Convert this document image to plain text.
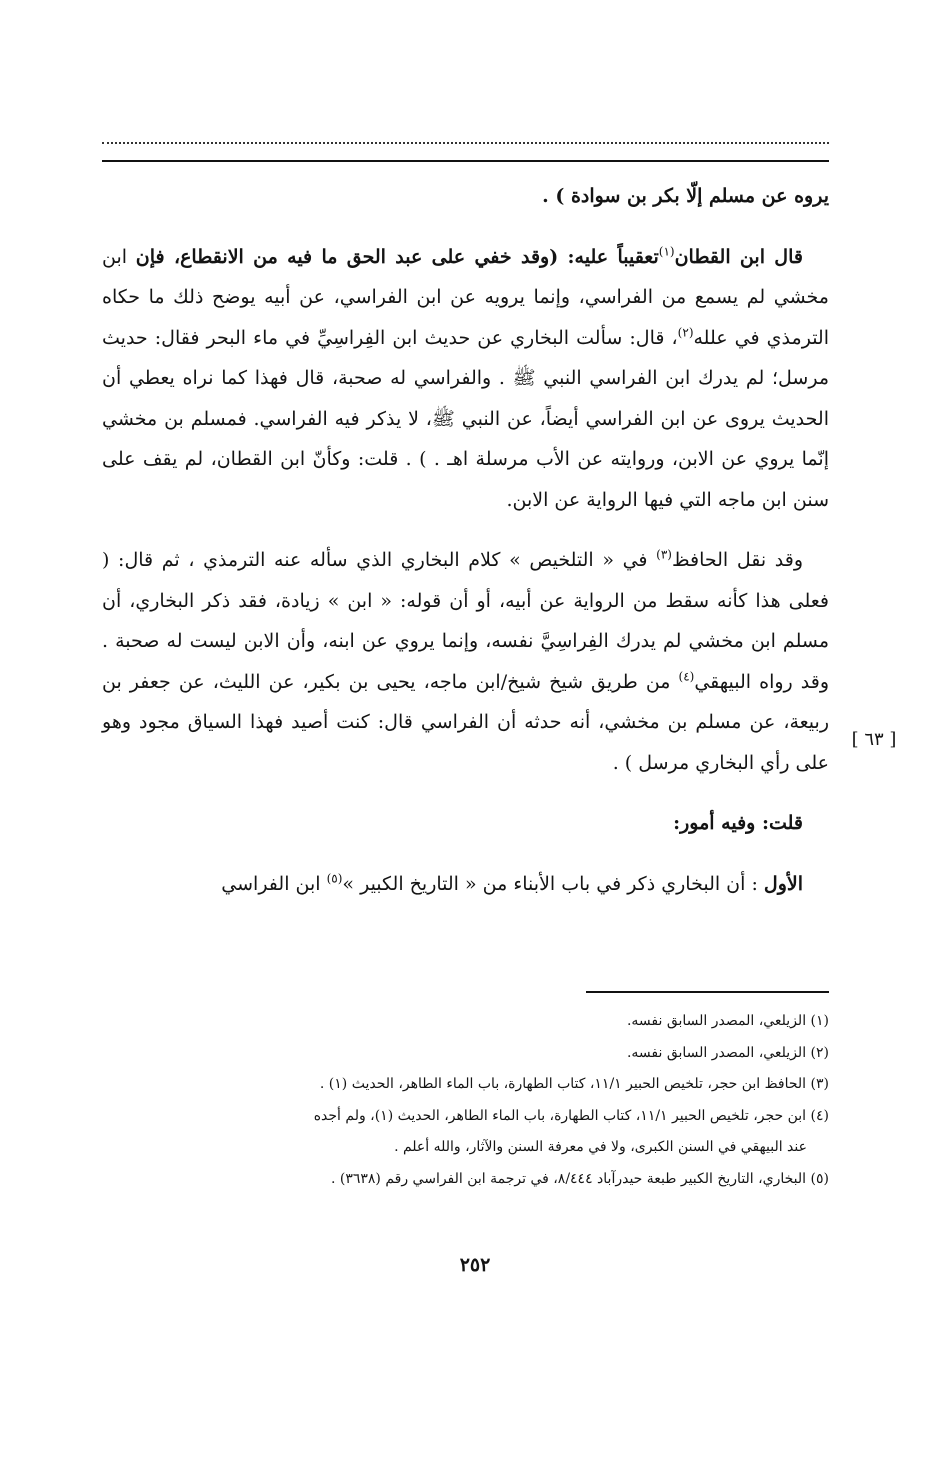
[ ٦٣ ]

يروه عن مسلم إلّا بكر بن سوادة ) .

قال ابن القطان$^{(١)}$تعقيباً عليه: (وقد خفي على عبد الحق ما فيه من الانقطاع، فإن ابن مخشي لم يسمع من الفراسي، وإنما يرويه عن ابن الفراسي، عن أبيه يوضح ذلك ما حكاه الترمذي في علله$^{(٢)}$، قال: سألت البخاري عن حديث ابن الفِراسِيِّ في ماء البحر فقال: حديث مرسل؛ لم يدرك ابن الفراسي النبي ﷺ . والفراسي له صحبة، قال فهذا كما نراه يعطي أن الحديث يروى عن ابن الفراسي أيضاً، عن النبي ﷺ، لا يذكر فيه الفراسي. فمسلم بن مخشي إنّما يروي عن الابن، وروايته عن الأب مرسلة اهـ . ) . قلت: وكأنّ ابن القطان، لم يقف على سنن ابن ماجه التي فيها الرواية عن الابن.

وقد نقل الحافظ$^{(٣)}$ في « التلخيص » كلام البخاري الذي سأله عنه الترمذي ، ثم قال: ( فعلى هذا كأنه سقط من الرواية عن أبيه، أو أن قوله: « ابن » زيادة، فقد ذكر البخاري، أن مسلم ابن مخشي لم يدرك الفِراسِيَّ نفسه، وإنما يروي عن ابنه، وأن الابن ليست له صحبة . وقد رواه البيهقي$^{(٤)}$ من طريق شيخ شيخ/ابن ماجه، يحيى بن بكير، عن الليث، عن جعفر بن ربيعة، عن مسلم بن مخشي، أنه حدثه أن الفراسي قال: كنت أصيد فهذا السياق مجود وهو على رأي البخاري مرسل ) .

قلت: وفيه أمور:

الأول : أن البخاري ذكر في باب الأبناء من « التاريخ الكبير »$^{(٥)}$ ابن الفراسي

(١) الزيلعي، المصدر السابق نفسه.

(٢) الزيلعي، المصدر السابق نفسه.

(٣) الحافظ ابن حجر، تلخيص الحبير ١١/١، كتاب الطهارة، باب الماء الطاهر، الحديث (١) .

(٤) ابن حجر، تلخيص الحبير ١١/١، كتاب الطهارة، باب الماء الطاهر، الحديث (١)، ولم أجده

عند البيهقي في السنن الكبرى، ولا في معرفة السنن والآثار، والله أعلم .

(٥) البخاري، التاريخ الكبير طبعة حيدرآباد ٨/٤٤٤، في ترجمة ابن الفراسي رقم (٣٦٣٨) .

٢٥٢
